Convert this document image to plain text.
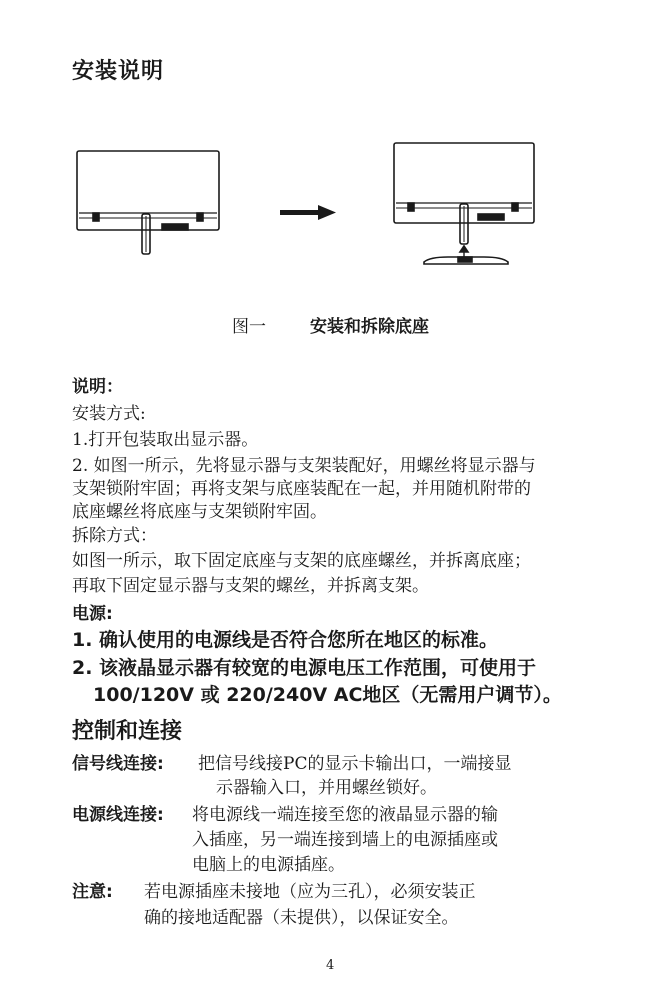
安装说明
图一	安装和拆除底座
说明：
安装方式:
1.打开包装取出显示器。
2. 如图一所示，先将显示器与支架装配好，用螺丝将显示器与
支架锁附牢固；再将支架与底座装配在一起，并用随机附带的
底座螺丝将底座与支架锁附牢固。
拆除方式：
如图一所示，取下固定底座与支架的底座螺丝，并拆离底座；
再取下固定显示器与支架的螺丝，并拆离支架。
电源:
1. 确认使用的电源线是否符合您所在地区的标准。
2. 该液晶显示器有较宽的电源电压工作范围，可使用于
100/120V 或 220/240V AC地区（无需用户调节）。
控制和连接
信号线连接: 把信号线接PC的显示卡输出口，一端接显
示器输入口，并用螺丝锁好。
电源线连接: 将电源线一端连接至您的液晶显示器的输
入插座，另一端连接到墙上的电源插座或
电脑上的电源插座。
注意: 若电源插座未接地（应为三孔），必须安装正
确的接地适配器（未提供），以保证安全。
4
